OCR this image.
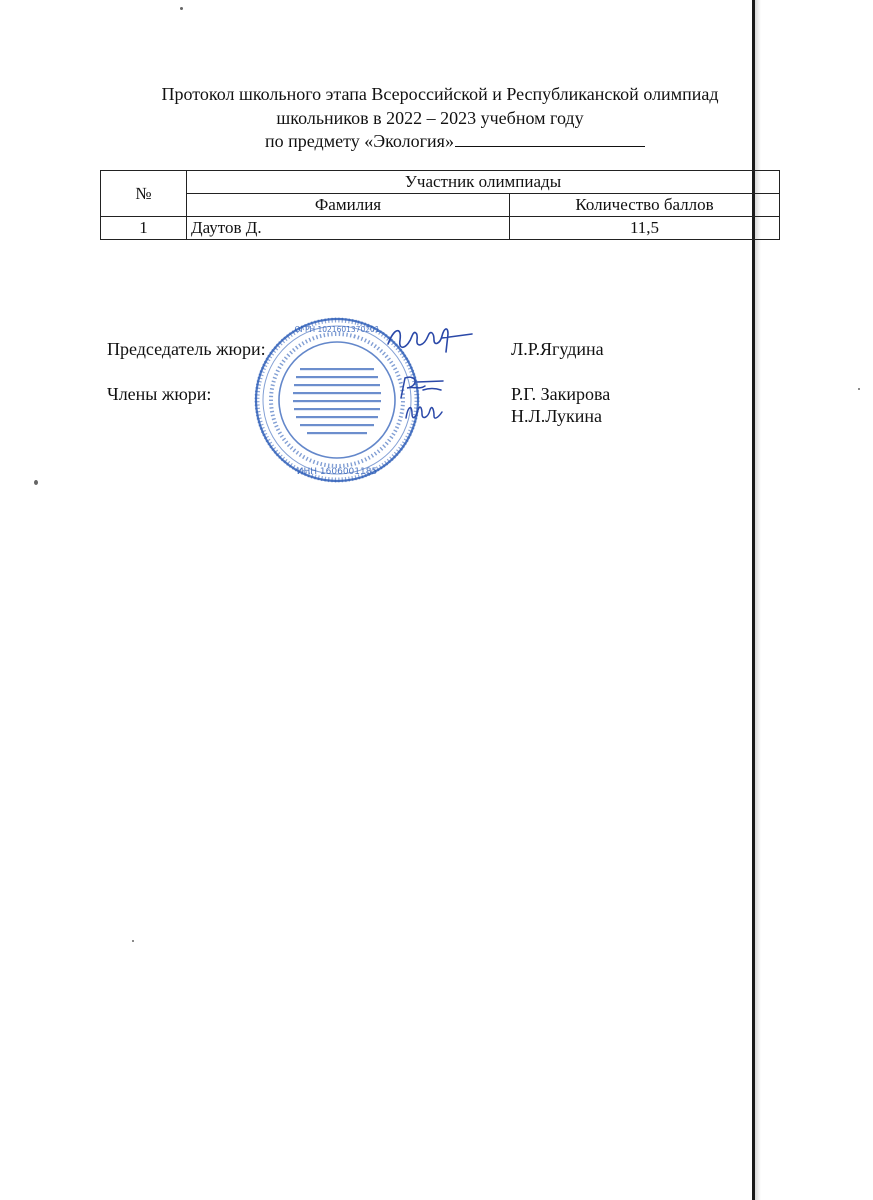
Протокол школьного этапа Всероссийской и Республиканской олимпиад
школьников в 2022 – 2023 учебном году
по предмету «Экология»
№	Участник олимпиады	
	Фамилия	Количество баллов
1	Даутов Д.	11,5
Председатель жюри:	Л.Р.Ягудина
Члены жюри:	Р.Г. Закирова
Н.Л.Лукина
ИНН 1606001185
ОГРН 1021601370201
